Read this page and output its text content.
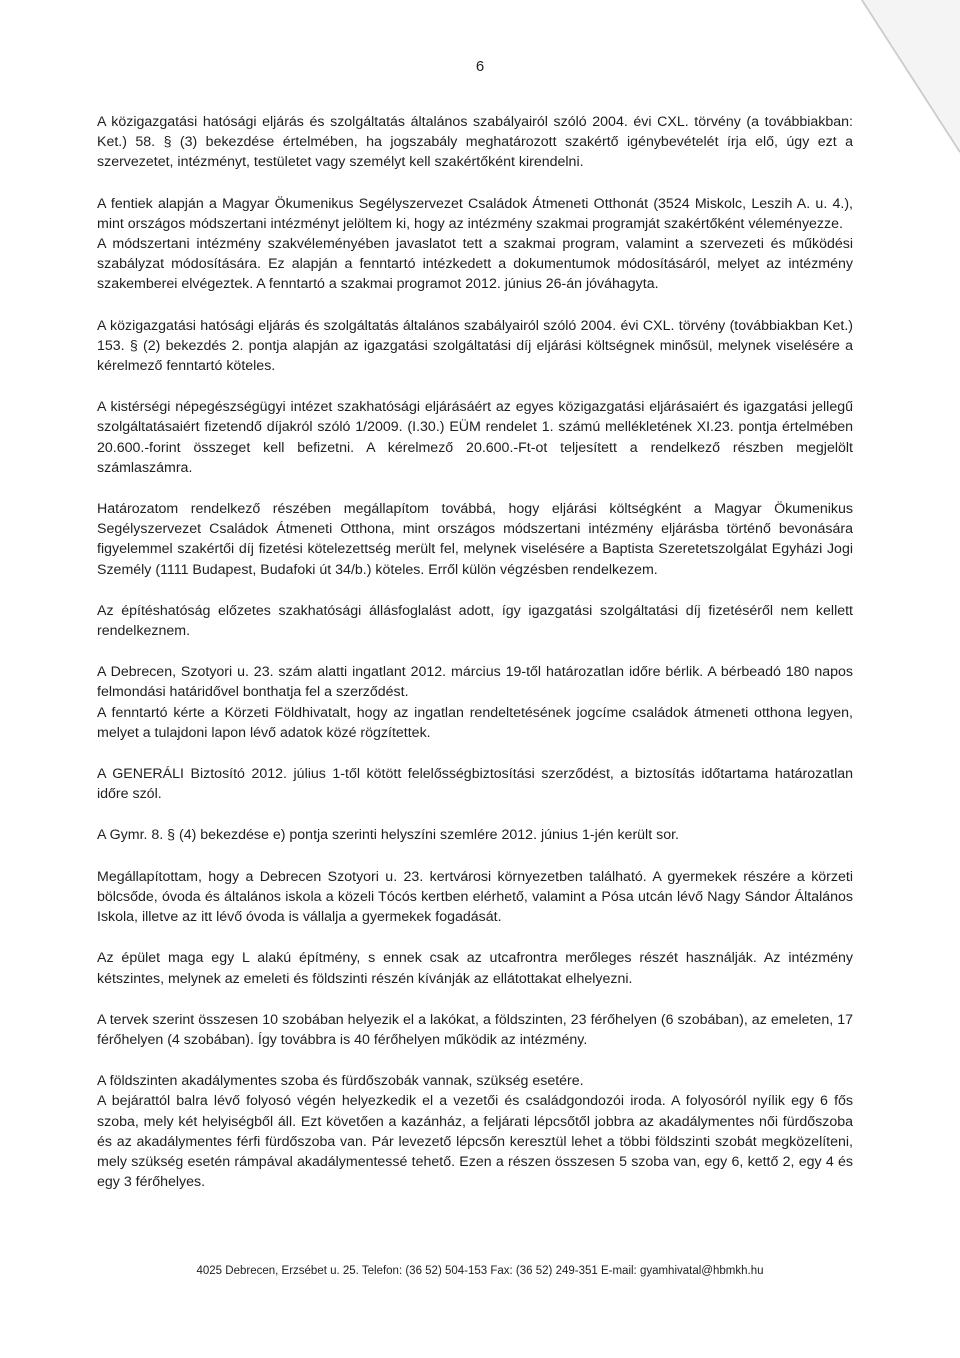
6

A közigazgatási hatósági eljárás és szolgáltatás általános szabályairól szóló 2004. évi CXL. törvény (a továbbiakban: Ket.) 58. § (3) bekezdése értelmében, ha jogszabály meghatározott szakértő igénybevételét írja elő, úgy ezt a szervezetet, intézményt, testületet vagy személyt kell szakértőként kirendelni.

A fentiek alapján a Magyar Ökumenikus Segélyszervezet Családok Átmeneti Otthonát (3524 Miskolc, Leszih A. u. 4.), mint országos módszertani intézményt jelöltem ki, hogy az intézmény szakmai programját szakértőként véleményezze.

A módszertani intézmény szakvéleményében javaslatot tett a szakmai program, valamint a szervezeti és működési szabályzat módosítására. Ez alapján a fenntartó intézkedett a dokumentumok módosításáról, melyet az intézmény szakemberei elvégeztek. A fenntartó a szakmai programot 2012. június 26-án jóváhagyta.

A közigazgatási hatósági eljárás és szolgáltatás általános szabályairól szóló 2004. évi CXL. törvény (továbbiakban Ket.) 153. § (2) bekezdés 2. pontja alapján az igazgatási szolgáltatási díj eljárási költségnek minősül, melynek viselésére a kérelmező fenntartó köteles.

A kistérségi népegészségügyi intézet szakhatósági eljárásáért az egyes közigazgatási eljárásaiért és igazgatási jellegű szolgáltatásaiért fizetendő díjakról szóló 1/2009. (I.30.) EÜM rendelet 1. számú mellékletének XI.23. pontja értelmében 20.600.-forint összeget kell befizetni. A kérelmező 20.600.-Ft-ot teljesített a rendelkező részben megjelölt számlaszámra.

Határozatom rendelkező részében megállapítom továbbá, hogy eljárási költségként a Magyar Ökumenikus Segélyszervezet Családok Átmeneti Otthona, mint országos módszertani intézmény eljárásba történő bevonására figyelemmel szakértői díj fizetési kötelezettség merült fel, melynek viselésére a Baptista Szeretetszolgálat Egyházi Jogi Személy (1111 Budapest, Budafoki út 34/b.) köteles. Erről külön végzésben rendelkezem.

Az építéshatóság előzetes szakhatósági állásfoglalást adott, így igazgatási szolgáltatási díj fizetéséről nem kellett rendelkeznem.

A Debrecen, Szotyori u. 23. szám alatti ingatlant 2012. március 19-től határozatlan időre bérlik. A bérbeadó 180 napos felmondási határidővel bonthatja fel a szerződést.

A fenntartó kérte a Körzeti Földhivatalt, hogy az ingatlan rendeltetésének jogcíme családok átmeneti otthona legyen, melyet a tulajdoni lapon lévő adatok közé rögzítettek.

A GENERÁLI Biztosító 2012. július 1-től kötött felelősségbiztosítási szerződést, a biztosítás időtartama határozatlan időre szól.

A Gymr. 8. § (4) bekezdése e) pontja szerinti helyszíni szemlére 2012. június 1-jén került sor.

Megállapítottam, hogy a Debrecen Szotyori u. 23. kertvárosi környezetben található. A gyermekek részére a körzeti bölcsőde, óvoda és általános iskola a közeli Tócós kertben elérhető, valamint a Pósa utcán lévő Nagy Sándor Általános Iskola, illetve az itt lévő óvoda is vállalja a gyermekek fogadását.

Az épület maga egy L alakú építmény, s ennek csak az utcafrontra merőleges részét használják. Az intézmény kétszintes, melynek az emeleti és földszinti részén kívánják az ellátottakat elhelyezni.

A tervek szerint összesen 10 szobában helyezik el a lakókat, a földszinten, 23 férőhelyen (6 szobában), az emeleten, 17 férőhelyen (4 szobában). Így továbbra is 40 férőhelyen működik az intézmény.

A földszinten akadálymentes szoba és fürdőszobák vannak, szükség esetére.

A bejárattól balra lévő folyosó végén helyezkedik el a vezetői és családgondozói iroda. A folyosóról nyílik egy 6 fős szoba, mely két helyiségből áll. Ezt követően a kazánház, a feljárati lépcsőtől jobbra az akadálymentes női fürdőszoba és az akadálymentes férfi fürdőszoba van. Pár levezető lépcsőn keresztül lehet a többi földszinti szobát megközelíteni, mely szükség esetén rámpával akadálymentessé tehető. Ezen a részen összesen 5 szoba van, egy 6, kettő 2, egy 4 és egy 3 férőhelyes.

4025 Debrecen, Erzsébet u. 25. Telefon: (36 52) 504-153 Fax: (36 52) 249-351 E-mail: gyamhivatal@hbmkh.hu
